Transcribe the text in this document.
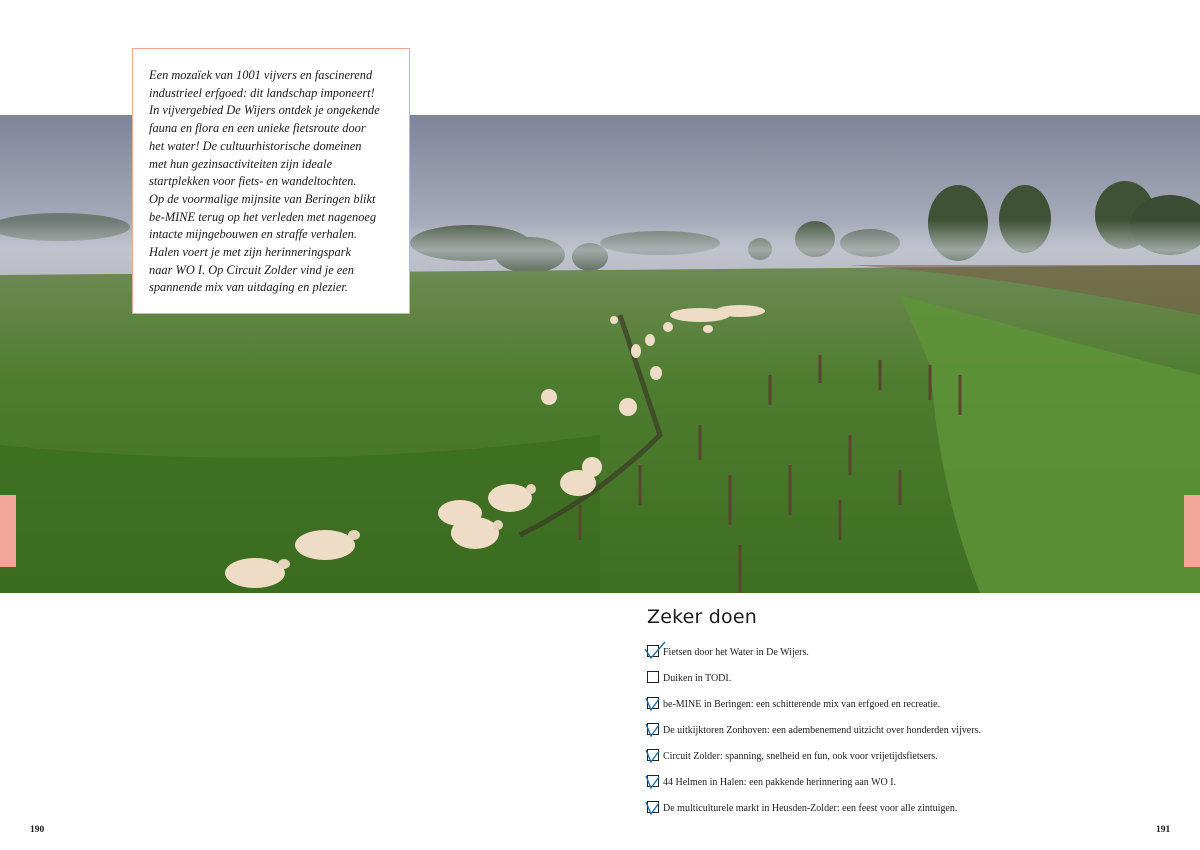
Lummen

Een mozaïek van 1001 vijvers en fascinerend
industrieel erfgoed: dit landschap imponeert!
In vijvergebied De Wijers ontdek je ongekende
fauna en flora en een unieke fietsroute door
het water! De cultuurhistorische domeinen
met hun gezinsactiviteiten zijn ideale
startplekken voor fiets- en wandeltochten.
Op de voormalige mijnsite van Beringen blikt
be-MINE terug op het verleden met nagenoeg
intacte mijngebouwen en straffe verhalen.
Halen voert je met zijn herinneringspark
naar WO I. Op Circuit Zolder vind je een
spannende mix van uitdaging en plezier.

Zeker doen
Fietsen door het Water in De Wijers.
Duiken in TODI.
be-MINE in Beringen: een schitterende mix van erfgoed en recreatie.
De uitkijktoren Zonhoven: een adembenemend uitzicht over honderden vijvers.
Circuit Zolder: spanning, snelheid en fun, ook voor vrijetijdsfietsers.
44 Helmen in Halen: een pakkende herinnering aan WO I.
De multiculturele markt in Heusden-Zolder: een feest voor alle zintuigen.
190	191
